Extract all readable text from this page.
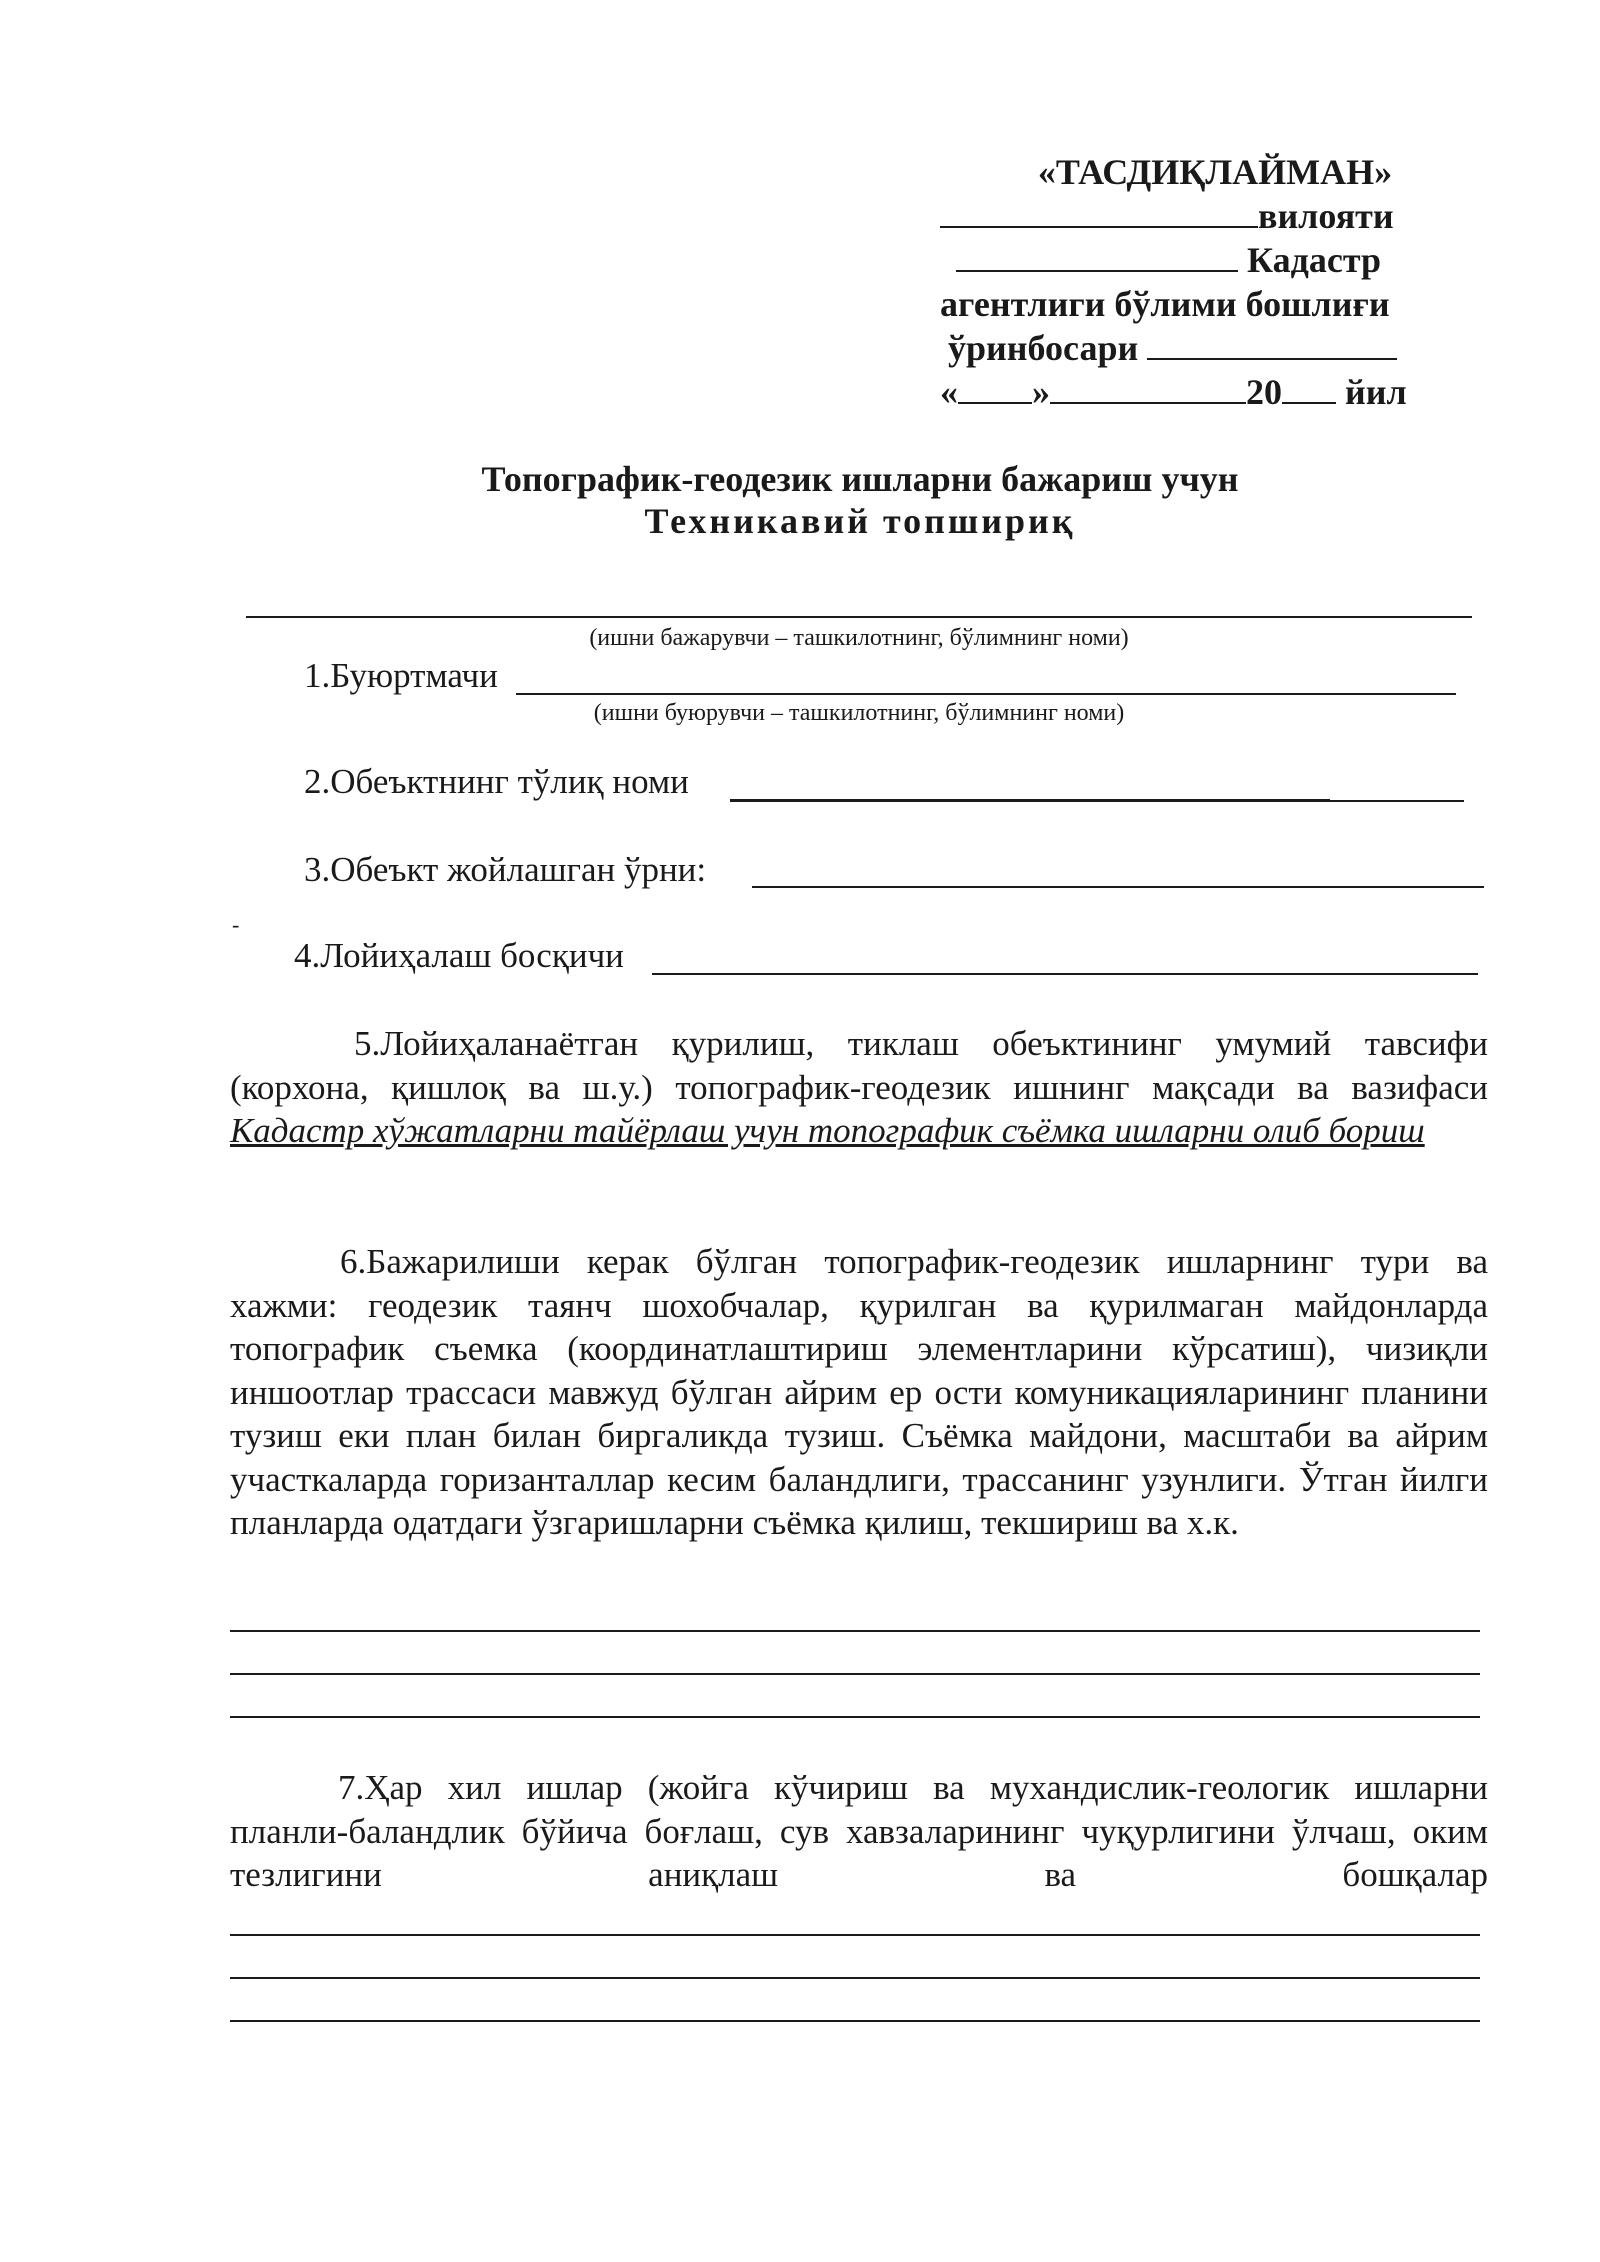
«ТАСДИҚЛАЙМАН»
вилояти
Кадастр
агентлиги бўлими бошлиғи
ўринбосари
« »	20 йил
Топографик-геодезик ишларни бажариш учун
Техникавий топшириқ
(ишни бажарувчи – ташкилотнинг, бўлимнинг номи)
1.Буюртмачи
(ишни буюрувчи – ташкилотнинг, бўлимнинг номи)
2.Обеъктнинг тўлиқ номи
3.Обеъкт жойлашган ўрни:
-
4.Лойиҳалаш босқичи
5.Лойиҳаланаётган қурилиш, тиклаш обеъктининг умумий тавсифи (корхона, қишлоқ ва ш.у.) топографик-геодезик ишнинг мақсади ва вазифаси Кадастр хўжатларни тайёрлаш учун топографик съёмка ишларни олиб бориш
6.Бажарилиши керак бўлган топографик-геодезик ишларнинг тури ва хажми: геодезик таянч шохобчалар, қурилган ва қурилмаган майдонларда топографик съемка (координатлаштириш элементларини кўрсатиш), чизиқли иншоотлар трассаси мавжуд бўлган айрим ер ости комуникацияларининг планини тузиш еки план билан биргаликда тузиш. Съёмка майдони, масштаби ва айрим участкаларда горизанталлар кесим баландлиги, трассанинг узунлиги. Ўтган йилги планларда одатдаги ўзгаришларни съёмка қилиш, текшириш ва х.к.
7.Ҳар хил ишлар (жойга кўчириш ва мухандислик-геологик ишларни планли-баландлик бўйича боғлаш, сув хавзаларининг чуқурлигини ўлчаш, оким тезлигини аниқлаш ва бошқалар
